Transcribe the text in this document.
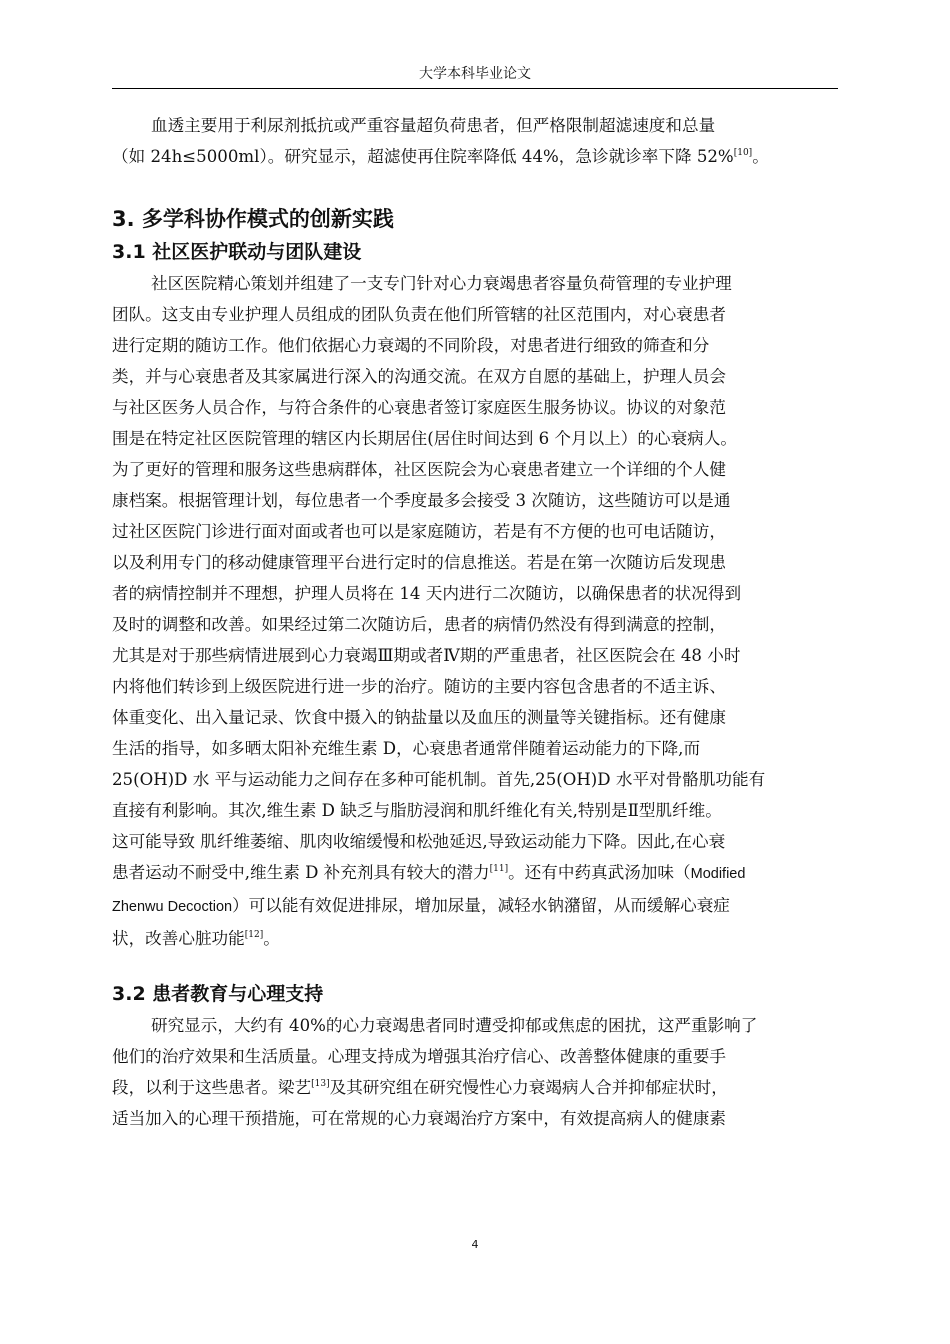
大学本科毕业论文

血透主要用于利尿剂抵抗或严重容量超负荷患者，但严格限制超滤速度和总量
（如 24h≤5000ml）。研究显示，超滤使再住院率降低 44%，急诊就诊率下降 52%[10]。

3. 多学科协作模式的创新实践
3.1 社区医护联动与团队建设

社区医院精心策划并组建了一支专门针对心力衰竭患者容量负荷管理的专业护理
团队。这支由专业护理人员组成的团队负责在他们所管辖的社区范围内，对心衰患者
进行定期的随访工作。他们依据心力衰竭的不同阶段，对患者进行细致的筛查和分
类，并与心衰患者及其家属进行深入的沟通交流。在双方自愿的基础上，护理人员会
与社区医务人员合作，与符合条件的心衰患者签订家庭医生服务协议。协议的对象范
围是在特定社区医院管理的辖区内长期居住(居住时间达到 6 个月以上）的心衰病人。
为了更好的管理和服务这些患病群体，社区医院会为心衰患者建立一个详细的个人健
康档案。根据管理计划，每位患者一个季度最多会接受 3 次随访，这些随访可以是通
过社区医院门诊进行面对面或者也可以是家庭随访，若是有不方便的也可电话随访，
以及利用专门的移动健康管理平台进行定时的信息推送。若是在第一次随访后发现患
者的病情控制并不理想，护理人员将在 14 天内进行二次随访，以确保患者的状况得到
及时的调整和改善。如果经过第二次随访后，患者的病情仍然没有得到满意的控制，
尤其是对于那些病情进展到心力衰竭Ⅲ期或者Ⅳ期的严重患者，社区医院会在 48 小时
内将他们转诊到上级医院进行进一步的治疗。随访的主要内容包含患者的不适主诉、
体重变化、出入量记录、饮食中摄入的钠盐量以及血压的测量等关键指标。还有健康
生活的指导，如多晒太阳补充维生素 D，心衰患者通常伴随着运动能力的下降,而
25(OH)D 水 平与运动能力之间存在多种可能机制。首先,25(OH)D 水平对骨骼肌功能有
直接有利影响。其次,维生素 D 缺乏与脂肪浸润和肌纤维化有关,特别是Ⅱ型肌纤维。
这可能导致 肌纤维萎缩、肌肉收缩缓慢和松弛延迟,导致运动能力下降。因此,在心衰
患者运动不耐受中,维生素 D 补充剂具有较大的潜力[11]。还有中药真武汤加味（Modified
Zhenwu Decoction）可以能有效促进排尿，增加尿量，减轻水钠潴留，从而缓解心衰症
状，改善心脏功能[12]。

3.2 患者教育与心理支持

研究显示，大约有 40%的心力衰竭患者同时遭受抑郁或焦虑的困扰，这严重影响了
他们的治疗效果和生活质量。心理支持成为增强其治疗信心、改善整体健康的重要手
段，以利于这些患者。梁艺[13]及其研究组在研究慢性心力衰竭病人合并抑郁症状时，
适当加入的心理干预措施，可在常规的心力衰竭治疗方案中，有效提高病人的健康素

4
